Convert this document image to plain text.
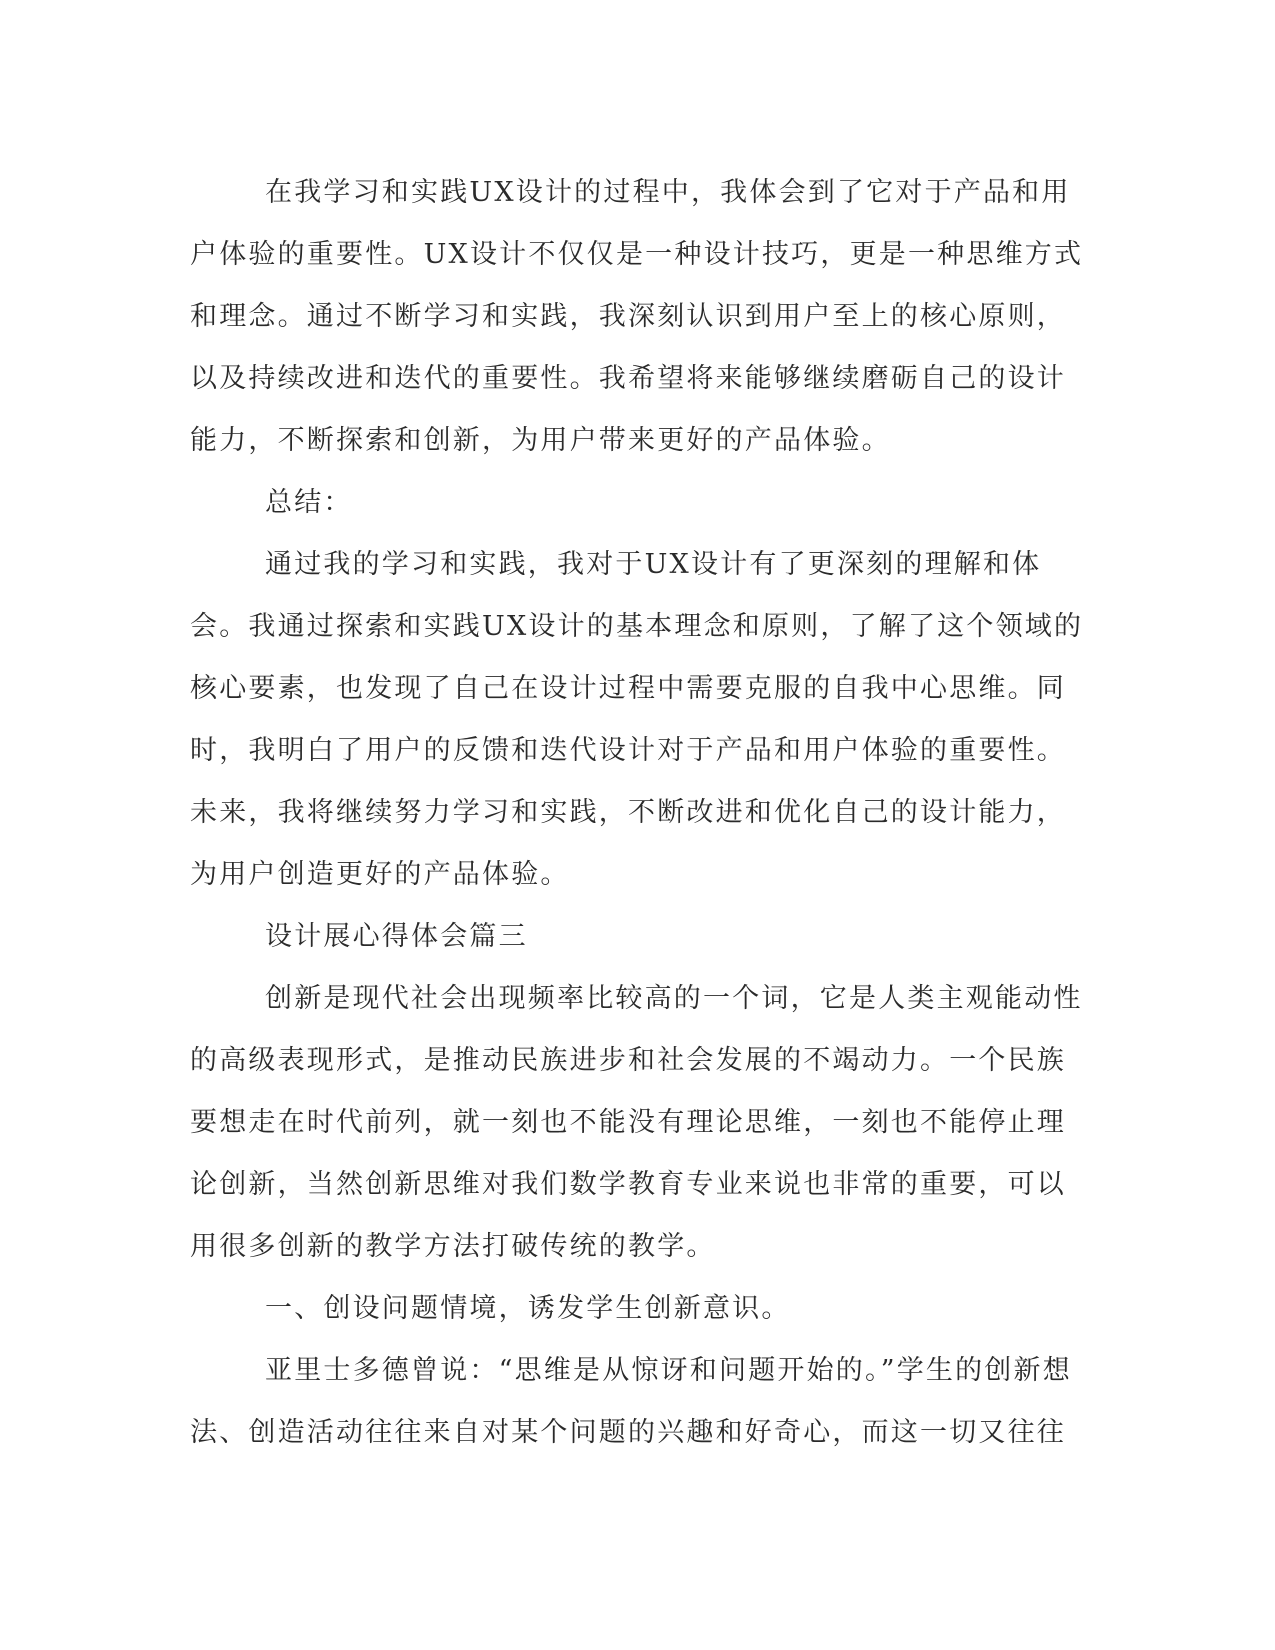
在我学习和实践UX设计的过程中，我体会到了它对于产品和用户体验的重要性。UX设计不仅仅是一种设计技巧，更是一种思维方式和理念。通过不断学习和实践，我深刻认识到用户至上的核心原则，以及持续改进和迭代的重要性。我希望将来能够继续磨砺自己的设计能力，不断探索和创新，为用户带来更好的产品体验。

总结：

通过我的学习和实践，我对于UX设计有了更深刻的理解和体会。我通过探索和实践UX设计的基本理念和原则，了解了这个领域的核心要素，也发现了自己在设计过程中需要克服的自我中心思维。同时，我明白了用户的反馈和迭代设计对于产品和用户体验的重要性。未来，我将继续努力学习和实践，不断改进和优化自己的设计能力，为用户创造更好的产品体验。

设计展心得体会篇三

创新是现代社会出现频率比较高的一个词，它是人类主观能动性的高级表现形式，是推动民族进步和社会发展的不竭动力。一个民族要想走在时代前列，就一刻也不能没有理论思维，一刻也不能停止理论创新，当然创新思维对我们数学教育专业来说也非常的重要，可以用很多创新的教学方法打破传统的教学。

一、创设问题情境，诱发学生创新意识。

亚里士多德曾说：“思维是从惊讶和问题开始的。”学生的创新想法、创造活动往往来自对某个问题的兴趣和好奇心，而这一切又往往
